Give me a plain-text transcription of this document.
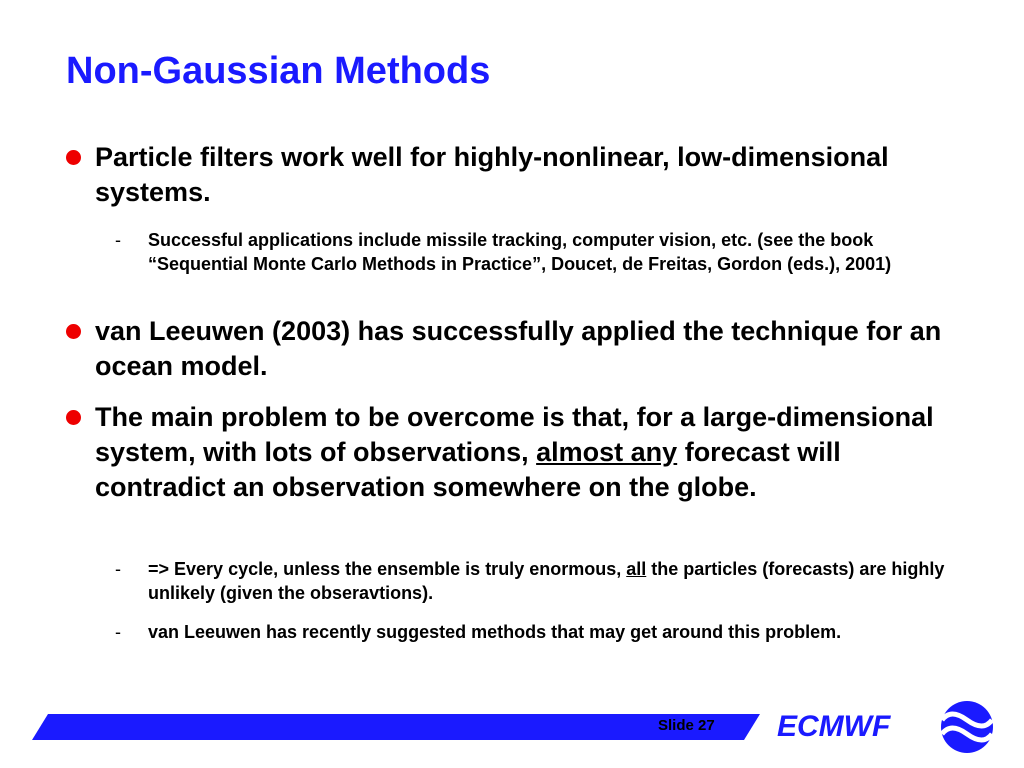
Non-Gaussian Methods
Particle filters work well for highly-nonlinear, low-dimensional systems.
- Successful applications include missile tracking, computer vision, etc. (see the book “Sequential Monte Carlo Methods in Practice”, Doucet, de Freitas, Gordon (eds.), 2001)
van Leeuwen (2003) has successfully applied the technique for an ocean model.
The main problem to be overcome is that, for a large-dimensional system, with lots of observations, almost any forecast will contradict an observation somewhere on the globe.
- => Every cycle, unless the ensemble is truly enormous, all the particles (forecasts) are highly unlikely (given the obseravtions).
- van Leeuwen has recently suggested methods that may get around this problem.
Slide 27 ECMWF
